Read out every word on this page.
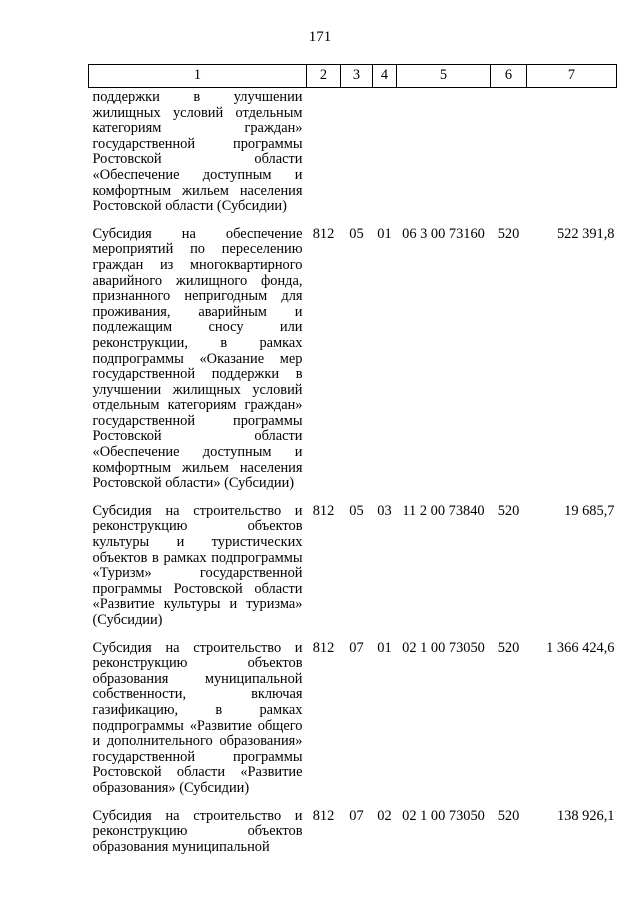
171
1	2	3	4	5	6	7
поддержки в улучшении жилищных условий отдельным категориям граждан» государственной программы Ростовской области «Обеспечение доступным и комфортным жильем населения Ростовской области (Субсидии)						
Субсидия на обеспечение мероприятий по переселению граждан из многоквартирного аварийного жилищного фонда, признанного непригодным для проживания, аварийным и подлежащим сносу или реконструкции, в рамках подпрограммы «Оказание мер государственной поддержки в улучшении жилищных условий отдельным категориям граждан» государственной программы Ростовской области «Обеспечение доступным и комфортным жильем населения Ростовской области» (Субсидии)	812	05	01	06 3 00 73160	520	522 391,8
Субсидия на строительство и реконструкцию объектов культуры и туристических объектов в рамках подпрограммы «Туризм» государственной программы Ростовской области «Развитие культуры и туризма» (Субсидии)	812	05	03	11 2 00 73840	520	19 685,7
Субсидия на строительство и реконструкцию объектов образования муниципальной собственности, включая газификацию, в рамках подпрограммы «Развитие общего и дополнительного образования» государственной программы Ростовской области «Развитие образования» (Субсидии)	812	07	01	02 1 00 73050	520	1 366 424,6
Субсидия на строительство и реконструкцию объектов образования муниципальной	812	07	02	02 1 00 73050	520	138 926,1
